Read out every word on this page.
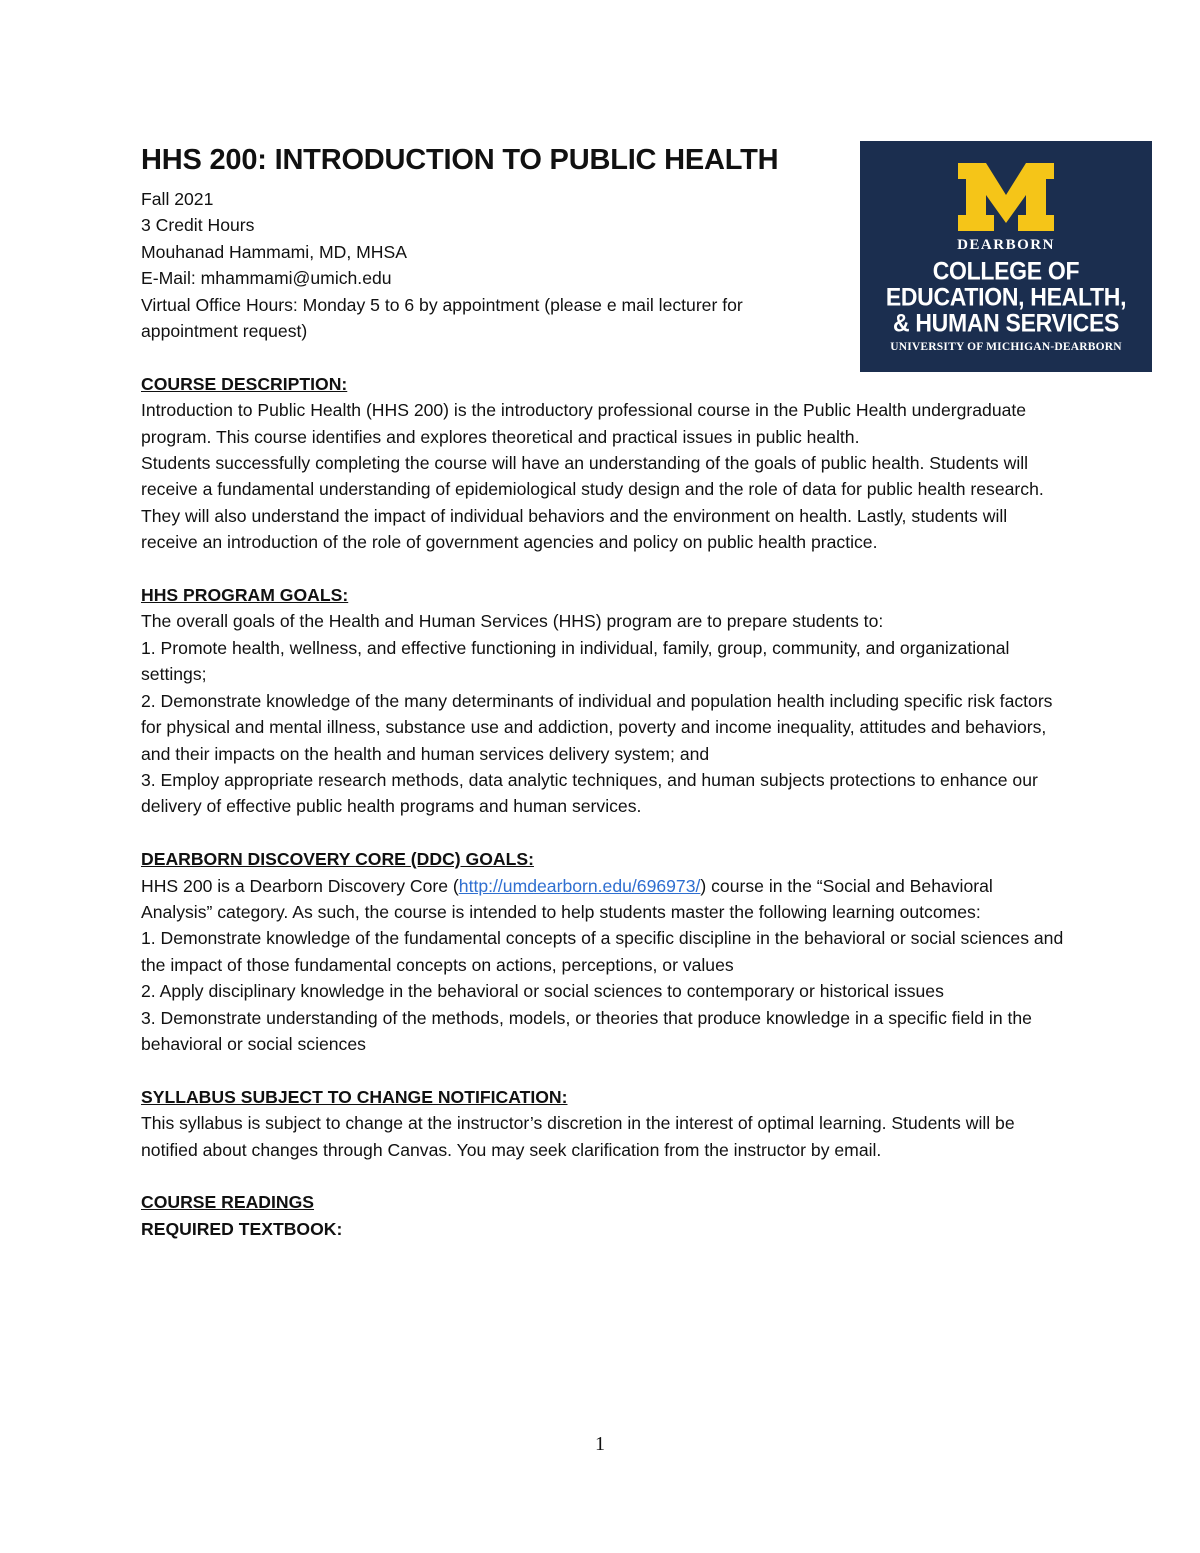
DEARBORN
COLLEGE OF
EDUCATION, HEALTH,
& HUMAN SERVICES
UNIVERSITY OF MICHIGAN-DEARBORN
HHS 200: INTRODUCTION TO PUBLIC HEALTH

Fall 2021

3 Credit Hours

Mouhanad Hammami, MD, MHSA

E-Mail: mhammami@umich.edu

Virtual Office Hours: Monday 5 to 6 by appointment (please e mail lecturer for appointment request)

COURSE DESCRIPTION:

Introduction to Public Health (HHS 200) is the introductory professional course in the Public Health undergraduate program. This course identifies and explores theoretical and practical issues in public health.

Students successfully completing the course will have an understanding of the goals of public health. Students will receive a fundamental understanding of epidemiological study design and the role of data for public health research. They will also understand the impact of individual behaviors and the environment on health. Lastly, students will receive an introduction of the role of government agencies and policy on public health practice.

HHS PROGRAM GOALS:

The overall goals of the Health and Human Services (HHS) program are to prepare students to:

1. Promote health, wellness, and effective functioning in individual, family, group, community, and organizational settings;

2. Demonstrate knowledge of the many determinants of individual and population health including specific risk factors for physical and mental illness, substance use and addiction, poverty and income inequality, attitudes and behaviors, and their impacts on the health and human services delivery system; and

3. Employ appropriate research methods, data analytic techniques, and human subjects protections to enhance our delivery of effective public health programs and human services.

DEARBORN DISCOVERY CORE (DDC) GOALS:

HHS 200 is a Dearborn Discovery Core (http://umdearborn.edu/696973/) course in the “Social and Behavioral Analysis” category. As such, the course is intended to help students master the following learning outcomes:

1. Demonstrate knowledge of the fundamental concepts of a specific discipline in the behavioral or social sciences and the impact of those fundamental concepts on actions, perceptions, or values

2. Apply disciplinary knowledge in the behavioral or social sciences to contemporary or historical issues

3. Demonstrate understanding of the methods, models, or theories that produce knowledge in a specific field in the behavioral or social sciences

SYLLABUS SUBJECT TO CHANGE NOTIFICATION:

This syllabus is subject to change at the instructor’s discretion in the interest of optimal learning. Students will be notified about changes through Canvas. You may seek clarification from the instructor by email.

COURSE READINGS

REQUIRED TEXTBOOK:

1
